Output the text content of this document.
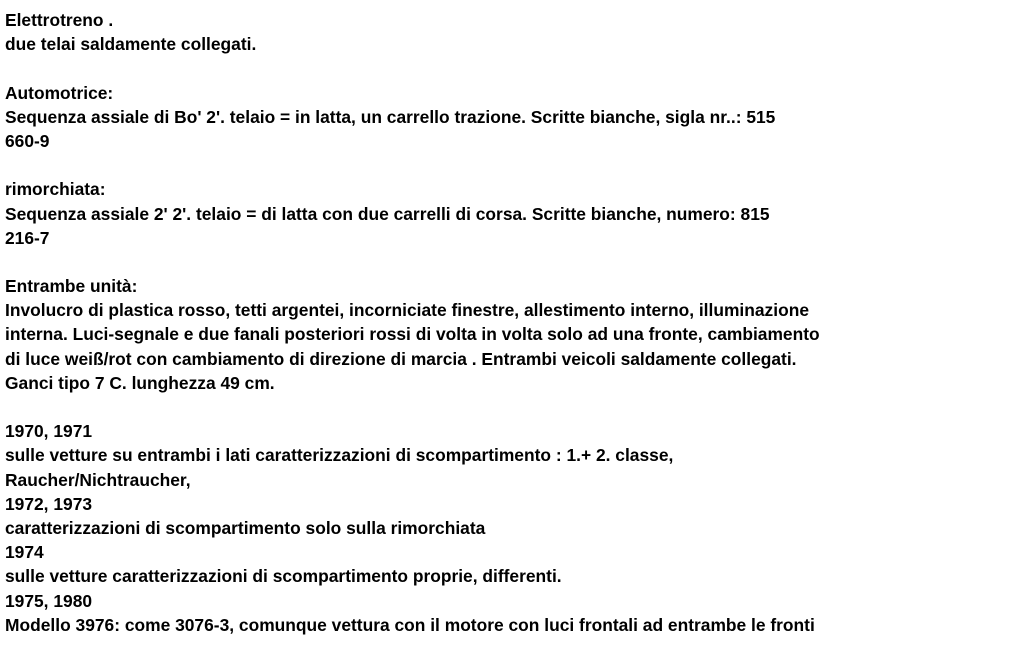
Elettrotreno .
due telai saldamente collegati.
Automotrice:
Sequenza assiale di Bo' 2'. telaio = in latta, un carrello trazione. Scritte bianche, sigla nr..: 515
660-9
rimorchiata:
Sequenza assiale 2' 2'. telaio = di latta con due carrelli di corsa. Scritte bianche, numero: 815
216-7
Entrambe unità:
Involucro di plastica rosso, tetti argentei, incorniciate finestre, allestimento interno, illuminazione
interna. Luci-segnale e due fanali posteriori rossi di volta in volta solo ad una fronte, cambiamento
di luce weiß/rot con cambiamento di direzione di marcia . Entrambi veicoli saldamente collegati.
Ganci tipo 7 C. lunghezza 49 cm.
1970, 1971
sulle vetture su entrambi i lati caratterizzazioni di scompartimento : 1.+ 2. classe,
Raucher/Nichtraucher,
1972, 1973
caratterizzazioni di scompartimento solo sulla rimorchiata
1974
sulle vetture caratterizzazioni di scompartimento proprie, differenti.
1975, 1980
Modello 3976: come 3076-3, comunque vettura con il motore con luci frontali ad entrambe le fronti
